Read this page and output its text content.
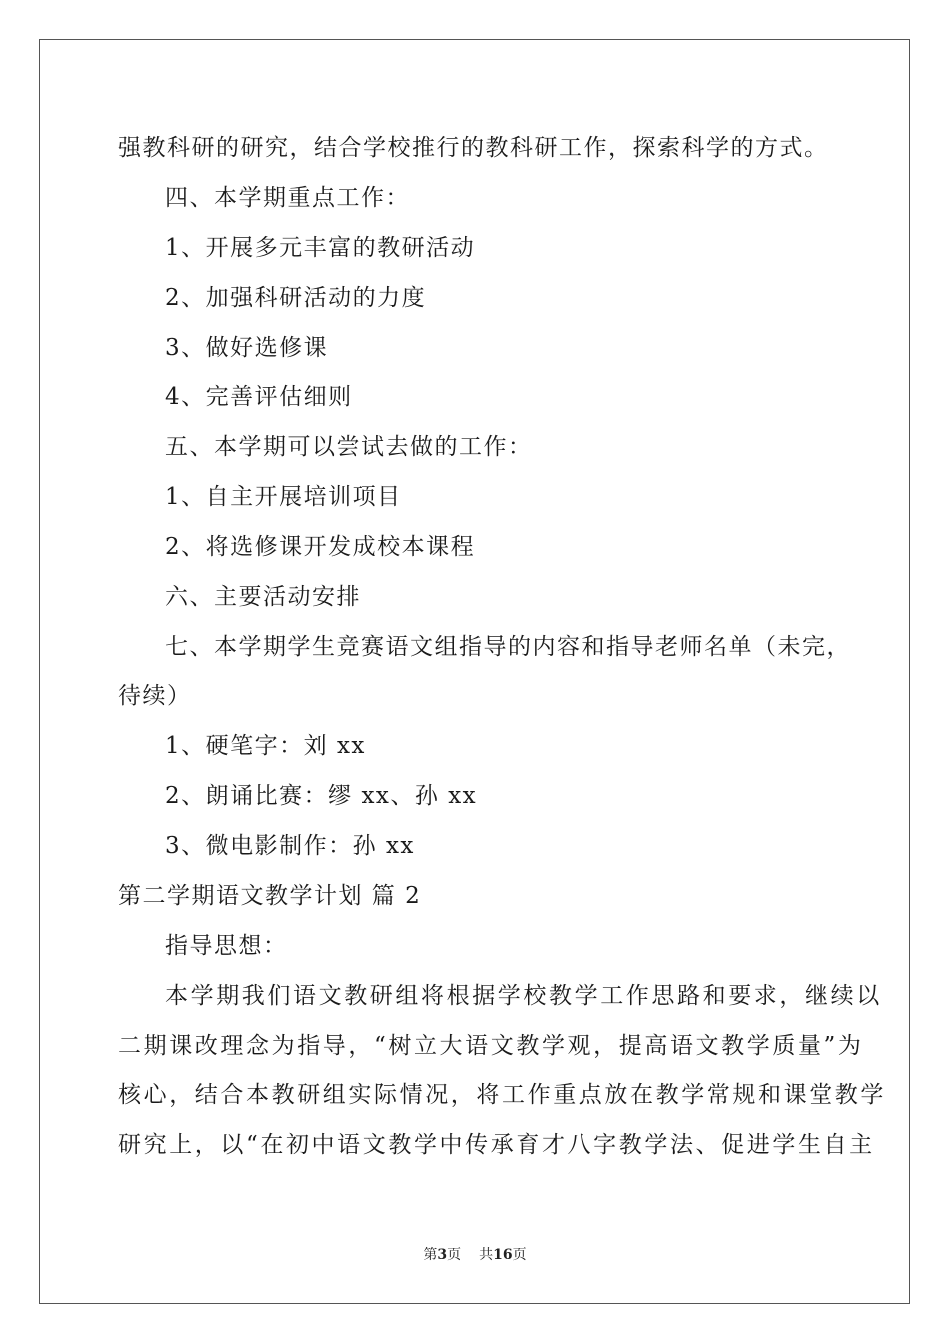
强教科研的研究，结合学校推行的教科研工作，探索科学的方式。
四、本学期重点工作：
1、开展多元丰富的教研活动
2、加强科研活动的力度
3、做好选修课
4、完善评估细则
五、本学期可以尝试去做的工作：
1、自主开展培训项目
2、将选修课开发成校本课程
六、主要活动安排
七、本学期学生竞赛语文组指导的内容和指导老师名单（未完，
待续）
1、硬笔字：刘 xx
2、朗诵比赛：缪 xx、孙 xx
3、微电影制作：孙 xx
第二学期语文教学计划 篇 2
指导思想：
本学期我们语文教研组将根据学校教学工作思路和要求，继续以
二期课改理念为指导，“树立大语文教学观，提高语文教学质量”为
核心，结合本教研组实际情况，将工作重点放在教学常规和课堂教学
研究上，以“在初中语文教学中传承育才八字教学法、促进学生自主
第3页 共16页
